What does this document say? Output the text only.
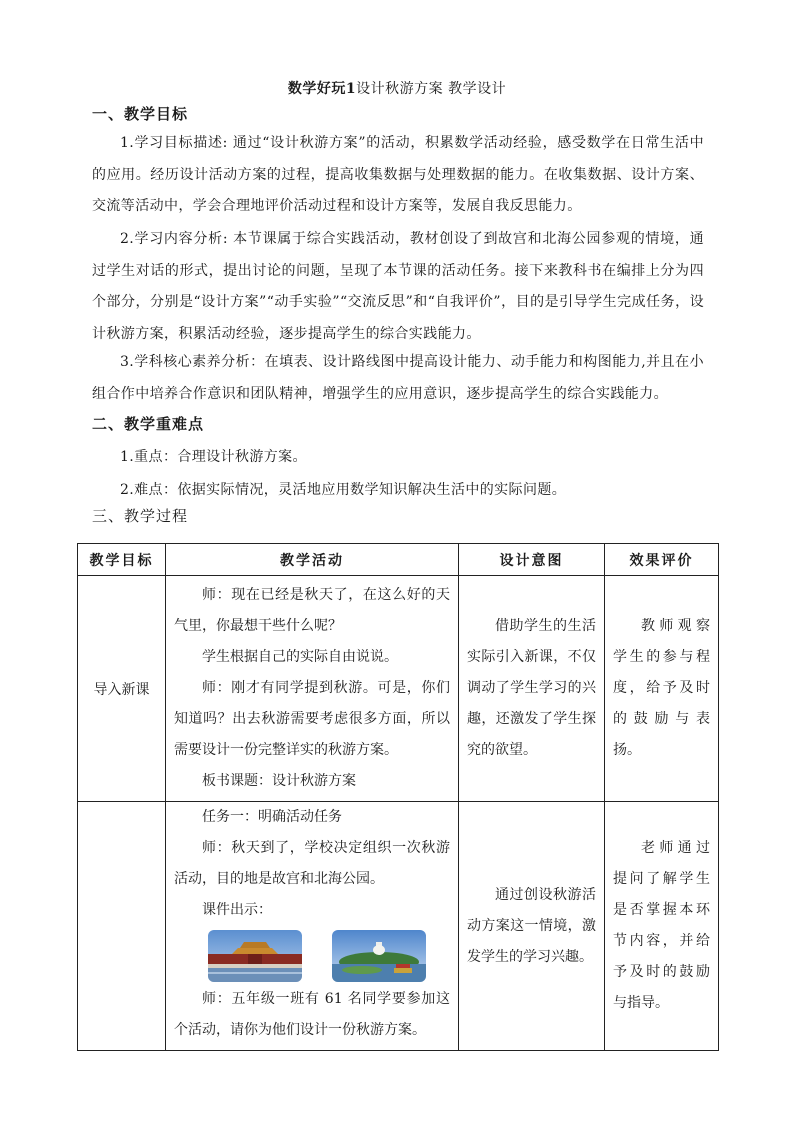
数学好玩1设计秋游方案 教学设计
一、教学目标
1.学习目标描述: 通过“设计秋游方案”的活动，积累数学活动经验，感受数学在日常生活中的应用。经历设计活动方案的过程，提高收集数据与处理数据的能力。在收集数据、设计方案、交流等活动中，学会合理地评价活动过程和设计方案等，发展自我反思能力。
2.学习内容分析: 本节课属于综合实践活动，教材创设了到故宫和北海公园参观的情境，通过学生对话的形式，提出讨论的问题，呈现了本节课的活动任务。接下来教科书在编排上分为四个部分，分别是“设计方案”“动手实验”“交流反思”和“自我评价”，目的是引导学生完成任务，设计秋游方案，积累活动经验，逐步提高学生的综合实践能力。
3.学科核心素养分析：在填表、设计路线图中提高设计能力、动手能力和构图能力,并且在小组合作中培养合作意识和团队精神，增强学生的应用意识，逐步提高学生的综合实践能力。
二、教学重难点
1.重点：合理设计秋游方案。
2.难点：依据实际情况，灵活地应用数学知识解决生活中的实际问题。
三、教学过程
教学目标	教学活动	设计意图	效果评价
导入新课	师：现在已经是秋天了，在这么好的天气里，你最想干些什么呢？

学生根据自己的实际自由说说。

师：刚才有同学提到秋游。可是，你们知道吗？出去秋游需要考虑很多方面，所以需要设计一份完整详实的秋游方案。

板书课题：设计秋游方案	借助学生的生活实际引入新课，不仅调动了学生学习的兴趣，还激发了学生探究的欲望。	教师观察学生的参与程度，给予及时的鼓励与表扬。

	任务一：明确活动任务

师：秋天到了，学校决定组织一次秋游活动，目的地是故宫和北海公园。

课件出示：

师：五年级一班有 61 名同学要参加这个活动，请你为他们设计一份秋游方案。	通过创设秋游活动方案这一情境，激发学生的学习兴趣。	老师通过提问了解学生是否掌握本环节内容，并给予及时的鼓励与指导。
